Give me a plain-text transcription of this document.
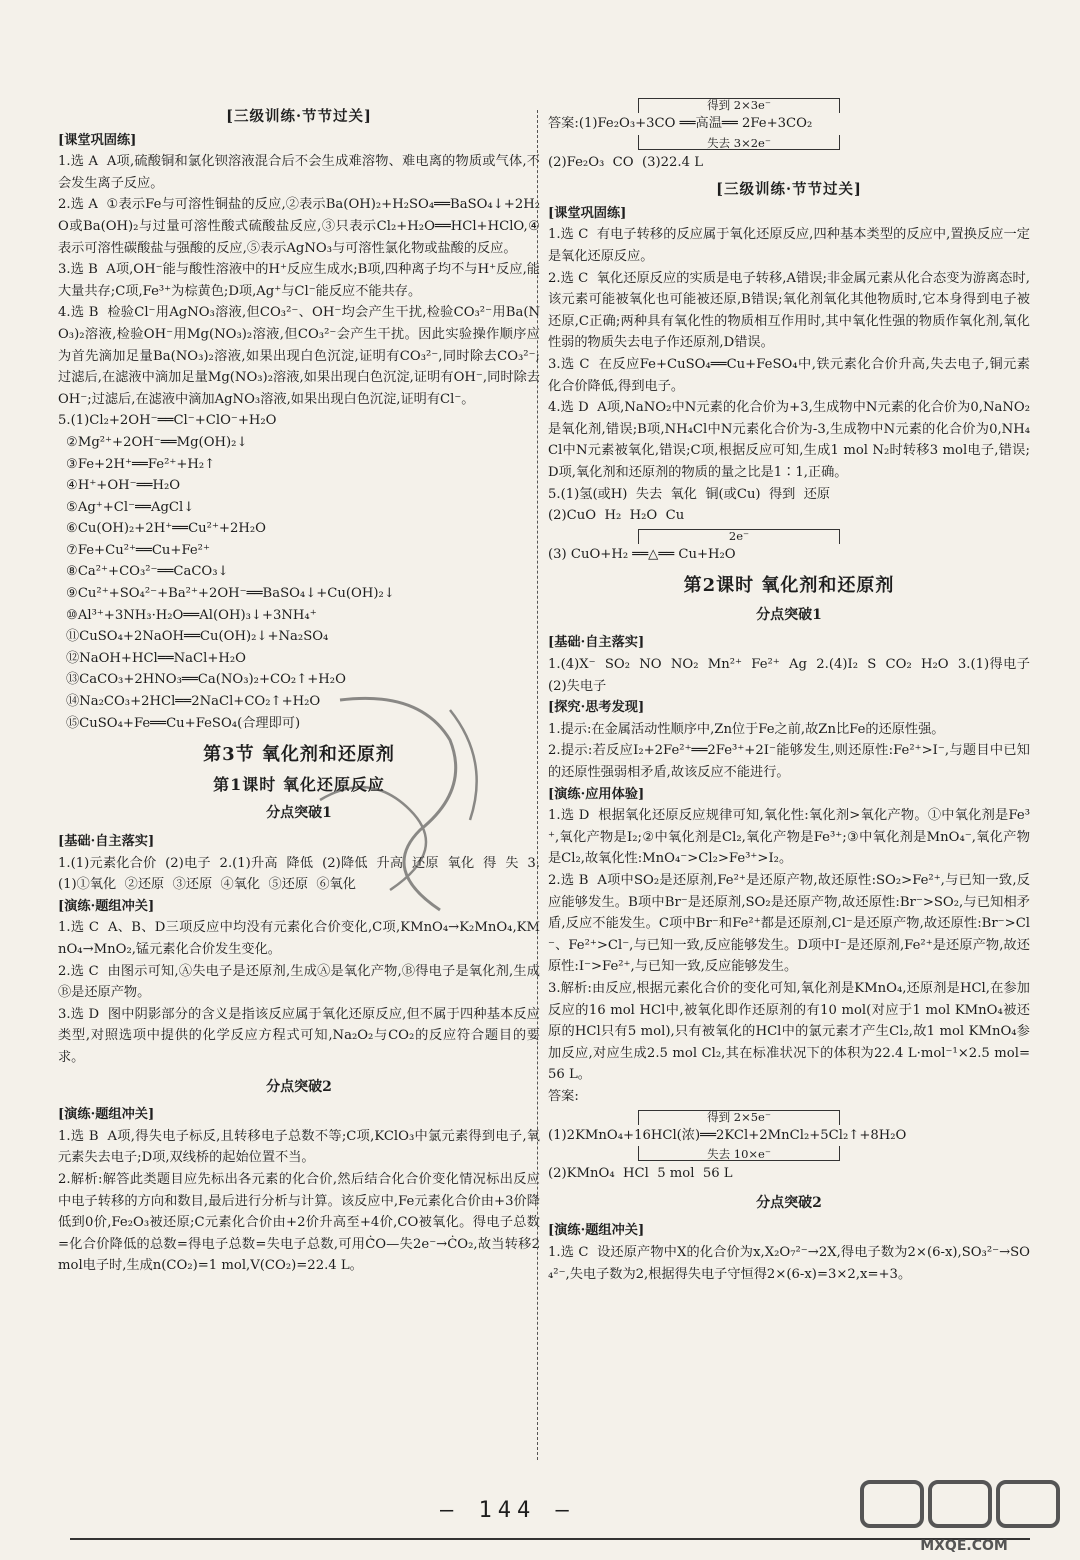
[三级训练·节节过关]
[课堂巩固练]
1.选 A  A项,硫酸铜和氯化钡溶液混合后不会生成难溶物、难电离的物质或气体,不会发生离子反应。
2.选 A  ①表示Fe与可溶性铜盐的反应,②表示Ba(OH)₂+H₂SO₄══BaSO₄↓+2H₂O或Ba(OH)₂与过量可溶性酸式硫酸盐反应,③只表示Cl₂+H₂O══HCl+HClO,④表示可溶性碳酸盐与强酸的反应,⑤表示AgNO₃与可溶性氯化物或盐酸的反应。
3.选 B  A项,OH⁻能与酸性溶液中的H⁺反应生成水;B项,四种离子均不与H⁺反应,能大量共存;C项,Fe³⁺为棕黄色;D项,Ag⁺与Cl⁻能反应不能共存。
4.选 B  检验Cl⁻用AgNO₃溶液,但CO₃²⁻、OH⁻均会产生干扰,检验CO₃²⁻用Ba(NO₃)₂溶液,检验OH⁻用Mg(NO₃)₂溶液,但CO₃²⁻会产生干扰。因此实验操作顺序应为首先滴加足量Ba(NO₃)₂溶液,如果出现白色沉淀,证明有CO₃²⁻,同时除去CO₃²⁻;过滤后,在滤液中滴加足量Mg(NO₃)₂溶液,如果出现白色沉淀,证明有OH⁻,同时除去OH⁻;过滤后,在滤液中滴加AgNO₃溶液,如果出现白色沉淀,证明有Cl⁻。
5.(1)Cl₂+2OH⁻══Cl⁻+ClO⁻+H₂O
②Mg²⁺+2OH⁻══Mg(OH)₂↓
③Fe+2H⁺══Fe²⁺+H₂↑
④H⁺+OH⁻══H₂O
⑤Ag⁺+Cl⁻══AgCl↓
⑥Cu(OH)₂+2H⁺══Cu²⁺+2H₂O
⑦Fe+Cu²⁺══Cu+Fe²⁺
⑧Ca²⁺+CO₃²⁻══CaCO₃↓
⑨Cu²⁺+SO₄²⁻+Ba²⁺+2OH⁻══BaSO₄↓+Cu(OH)₂↓
⑩Al³⁺+3NH₃·H₂O══Al(OH)₃↓+3NH₄⁺
⑪CuSO₄+2NaOH══Cu(OH)₂↓+Na₂SO₄
⑫NaOH+HCl══NaCl+H₂O
⑬CaCO₃+2HNO₃══Ca(NO₃)₂+CO₂↑+H₂O
⑭Na₂CO₃+2HCl══2NaCl+CO₂↑+H₂O
⑮CuSO₄+Fe══Cu+FeSO₄(合理即可)
第3节 氧化剂和还原剂
第1课时 氧化还原反应
分点突破1
[基础·自主落实]
1.(1)元素化合价  (2)电子  2.(1)升高  降低  (2)降低  升高  还原  氧化  得  失  3.(1)①氧化  ②还原  ③还原  ④氧化  ⑤还原  ⑥氧化
[演练·题组冲关]
1.选 C  A、B、D三项反应中均没有元素化合价变化,C项,KMnO₄→K₂MnO₄,KMnO₄→MnO₂,锰元素化合价发生变化。
2.选 C  由图示可知,Ⓐ失电子是还原剂,生成Ⓐ是氧化产物,Ⓑ得电子是氧化剂,生成Ⓑ是还原产物。
3.选 D  图中阴影部分的含义是指该反应属于氧化还原反应,但不属于四种基本反应类型,对照选项中提供的化学反应方程式可知,Na₂O₂与CO₂的反应符合题目的要求。
分点突破2
[演练·题组冲关]
1.选 B  A项,得失电子标反,且转移电子总数不等;C项,KClO₃中氯元素得到电子,氧元素失去电子;D项,双线桥的起始位置不当。
2.解析:解答此类题目应先标出各元素的化合价,然后结合化合价变化情况标出反应中电子转移的方向和数目,最后进行分析与计算。该反应中,Fe元素化合价由+3价降低到0价,Fe₂O₃被还原;C元素化合价由+2价升高至+4价,CO被氧化。得电子总数=化合价降低的总数=得电子总数=失电子总数,可用Ċ̇O—失2e⁻→ĊO₂,故当转移2 mol电子时,生成n(CO₂)=1 mol,V(CO₂)=22.4 L。
得到 2×3e⁻
答案:(1)Fe₂O₃+3CO ══高温══ 2Fe+3CO₂
失去 3×2e⁻
(2)Fe₂O₃  CO  (3)22.4 L
[三级训练·节节过关]
[课堂巩固练]
1.选 C  有电子转移的反应属于氧化还原反应,四种基本类型的反应中,置换反应一定是氧化还原反应。
2.选 C  氧化还原反应的实质是电子转移,A错误;非金属元素从化合态变为游离态时,该元素可能被氧化也可能被还原,B错误;氧化剂氧化其他物质时,它本身得到电子被还原,C正确;两种具有氧化性的物质相互作用时,其中氧化性强的物质作氧化剂,氧化性弱的物质失去电子作还原剂,D错误。
3.选 C  在反应Fe+CuSO₄══Cu+FeSO₄中,铁元素化合价升高,失去电子,铜元素化合价降低,得到电子。
4.选 D  A项,NaNO₂中N元素的化合价为+3,生成物中N元素的化合价为0,NaNO₂是氧化剂,错误;B项,NH₄Cl中N元素化合价为-3,生成物中N元素的化合价为0,NH₄Cl中N元素被氧化,错误;C项,根据反应可知,生成1 mol N₂时转移3 mol电子,错误;D项,氧化剂和还原剂的物质的量之比是1∶1,正确。
5.(1)氢(或H)  失去  氧化  铜(或Cu)  得到  还原
(2)CuO  H₂  H₂O  Cu
2e⁻
(3) CuO+H₂ ══△══ Cu+H₂O
第2课时 氧化剂和还原剂
分点突破1
[基础·自主落实]
1.(4)X⁻  SO₂  NO  NO₂  Mn²⁺  Fe²⁺  Ag  2.(4)I₂  S  CO₂  H₂O  3.(1)得电子  (2)失电子
[探究·思考发现]
1.提示:在金属活动性顺序中,Zn位于Fe之前,故Zn比Fe的还原性强。
2.提示:若反应I₂+2Fe²⁺══2Fe³⁺+2I⁻能够发生,则还原性:Fe²⁺>I⁻,与题目中已知的还原性强弱相矛盾,故该反应不能进行。
[演练·应用体验]
1.选 D  根据氧化还原反应规律可知,氧化性:氧化剂>氧化产物。①中氧化剂是Fe³⁺,氧化产物是I₂;②中氧化剂是Cl₂,氧化产物是Fe³⁺;③中氧化剂是MnO₄⁻,氧化产物是Cl₂,故氧化性:MnO₄⁻>Cl₂>Fe³⁺>I₂。
2.选 B  A项中SO₂是还原剂,Fe²⁺是还原产物,故还原性:SO₂>Fe²⁺,与已知一致,反应能够发生。B项中Br⁻是还原剂,SO₂是还原产物,故还原性:Br⁻>SO₂,与已知相矛盾,反应不能发生。C项中Br⁻和Fe²⁺都是还原剂,Cl⁻是还原产物,故还原性:Br⁻>Cl⁻、Fe²⁺>Cl⁻,与已知一致,反应能够发生。D项中I⁻是还原剂,Fe²⁺是还原产物,故还原性:I⁻>Fe²⁺,与已知一致,反应能够发生。
3.解析:由反应,根据元素化合价的变化可知,氧化剂是KMnO₄,还原剂是HCl,在参加反应的16 mol HCl中,被氧化即作还原剂的有10 mol(对应于1 mol KMnO₄被还原的HCl只有5 mol),只有被氧化的HCl中的氯元素才产生Cl₂,故1 mol KMnO₄参加反应,对应生成2.5 mol Cl₂,其在标准状况下的体积为22.4 L·mol⁻¹×2.5 mol=56 L。
答案:
得到 2×5e⁻
(1)2KMnO₄+16HCl(浓)══2KCl+2MnCl₂+5Cl₂↑+8H₂O
失去 10×e⁻
(2)KMnO₄  HCl  5 mol  56 L
分点突破2
[演练·题组冲关]
1.选 C  设还原产物中X的化合价为x,X₂O₇²⁻→2X,得电子数为2×(6-x),SO₃²⁻→SO₄²⁻,失电子数为2,根据得失电子守恒得2×(6-x)=3×2,x=+3。
— 144 —
MXQE.COM
